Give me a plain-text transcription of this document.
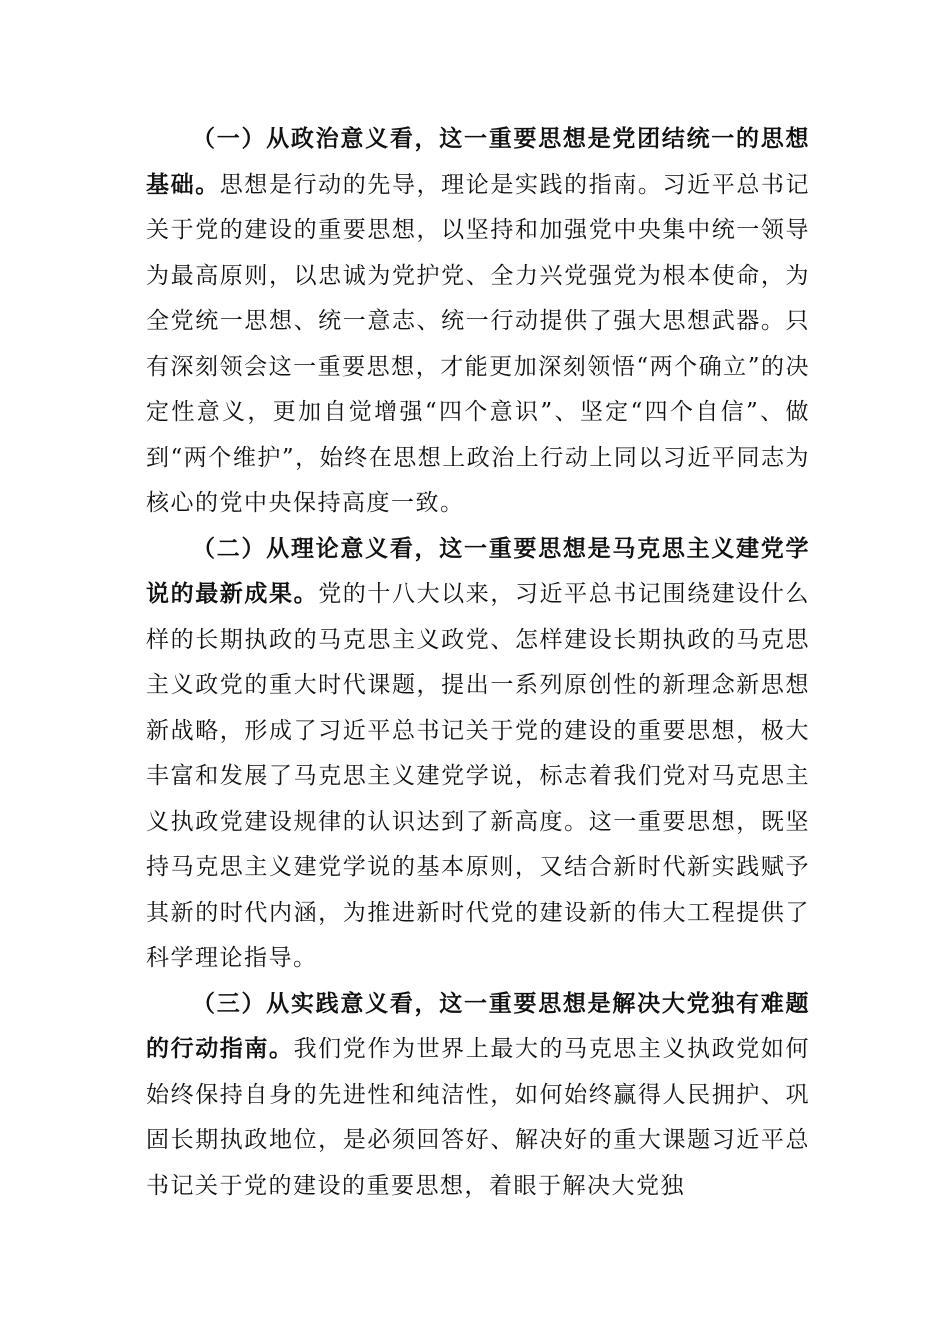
（一）从政治意义看，这一重要思想是党团结统一的思想基础。思想是行动的先导，理论是实践的指南。习近平总书记关于党的建设的重要思想，以坚持和加强党中央集中统一领导为最高原则，以忠诚为党护党、全力兴党强党为根本使命，为全党统一思想、统一意志、统一行动提供了强大思想武器。只有深刻领会这一重要思想，才能更加深刻领悟“两个确立”的决定性意义，更加自觉增强“四个意识”、坚定“四个自信”、做到“两个维护”，始终在思想上政治上行动上同以习近平同志为核心的党中央保持高度一致。

（二）从理论意义看，这一重要思想是马克思主义建党学说的最新成果。党的十八大以来，习近平总书记围绕建设什么样的长期执政的马克思主义政党、怎样建设长期执政的马克思主义政党的重大时代课题，提出一系列原创性的新理念新思想新战略，形成了习近平总书记关于党的建设的重要思想，极大丰富和发展了马克思主义建党学说，标志着我们党对马克思主义执政党建设规律的认识达到了新高度。这一重要思想，既坚持马克思主义建党学说的基本原则，又结合新时代新实践赋予其新的时代内涵，为推进新时代党的建设新的伟大工程提供了科学理论指导。

（三）从实践意义看，这一重要思想是解决大党独有难题的行动指南。我们党作为世界上最大的马克思主义执政党如何始终保持自身的先进性和纯洁性，如何始终赢得人民拥护、巩固长期执政地位，是必须回答好、解决好的重大课题习近平总书记关于党的建设的重要思想，着眼于解决大党独
